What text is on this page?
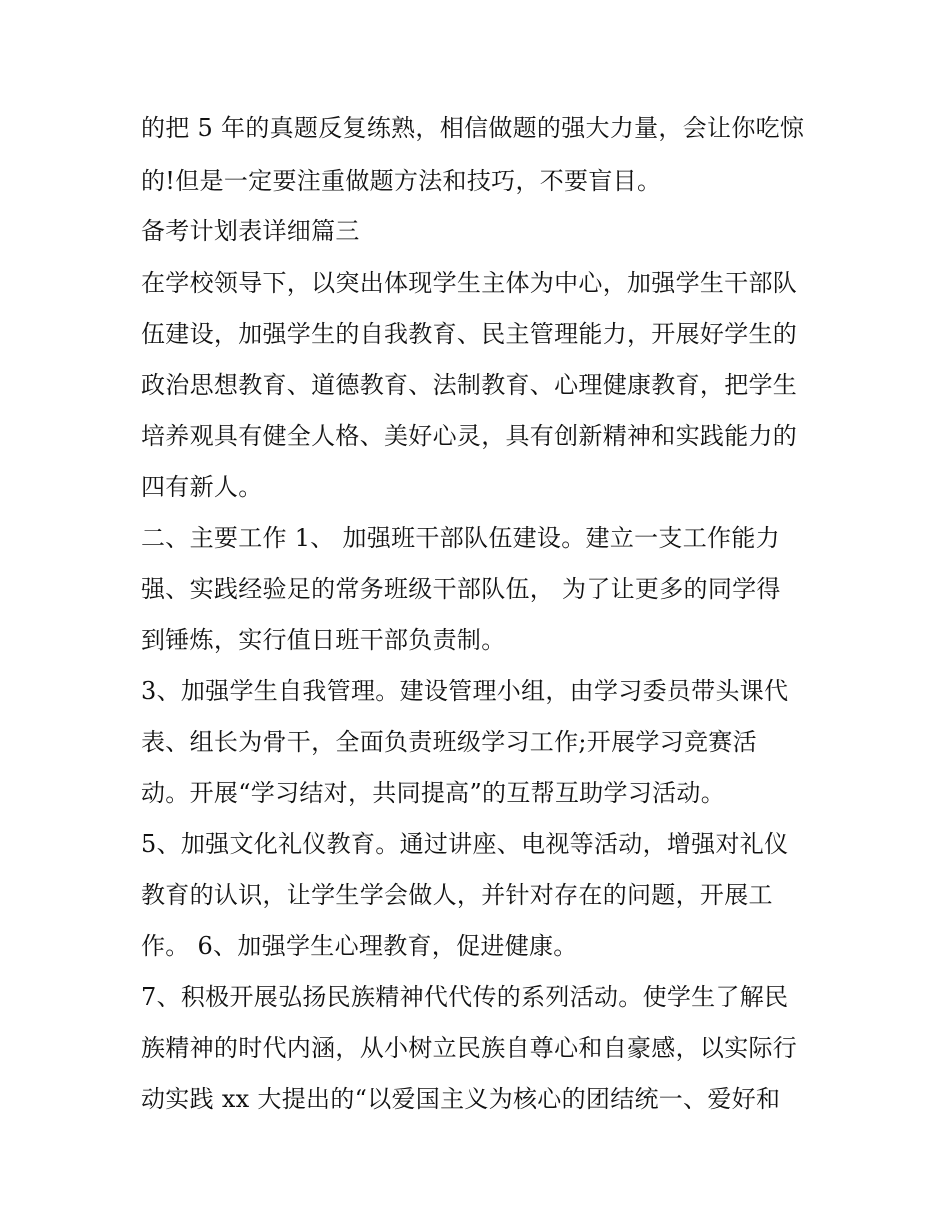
的把 5 年的真题反复练熟，相信做题的强大力量，会让你吃惊
的!但是一定要注重做题方法和技巧，不要盲目。
备考计划表详细篇三
在学校领导下，以突出体现学生主体为中心，加强学生干部队
伍建设，加强学生的自我教育、民主管理能力，开展好学生的
政治思想教育、道德教育、法制教育、心理健康教育，把学生
培养观具有健全人格、美好心灵，具有创新精神和实践能力的
四有新人。
二、主要工作 1、 加强班干部队伍建设。建立一支工作能力
强、实践经验足的常务班级干部队伍， 为了让更多的同学得
到锤炼，实行值日班干部负责制。
3、加强学生自我管理。建设管理小组，由学习委员带头课代
表、组长为骨干，全面负责班级学习工作;开展学习竞赛活
动。开展“学习结对，共同提高”的互帮互助学习活动。
5、加强文化礼仪教育。通过讲座、电视等活动，增强对礼仪
教育的认识，让学生学会做人，并针对存在的问题，开展工
作。 6、加强学生心理教育，促进健康。
7、积极开展弘扬民族精神代代传的系列活动。使学生了解民
族精神的时代内涵，从小树立民族自尊心和自豪感，以实际行
动实践 xx 大提出的“以爱国主义为核心的团结统一、爱好和
